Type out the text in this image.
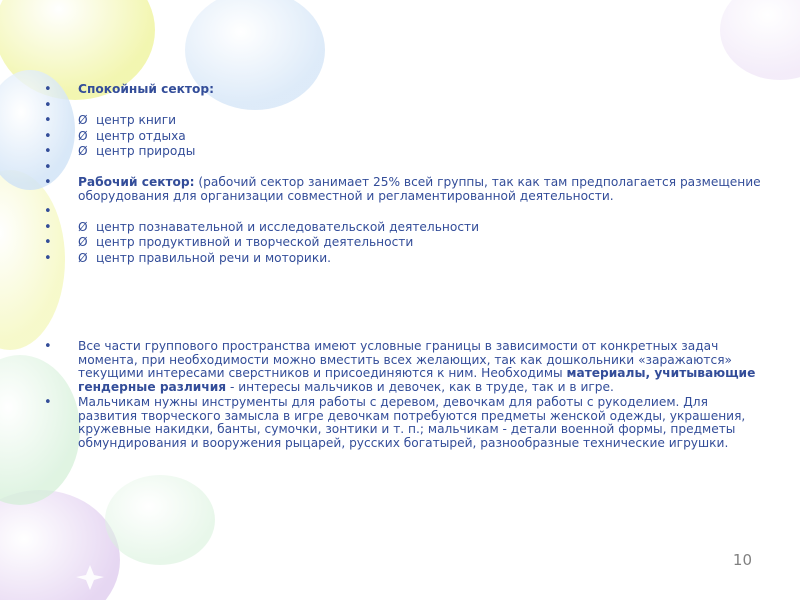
• Спокойный сектор:
•
• Ø центр книги
• Ø центр отдыха
• Ø центр природы
•
• Рабочий сектор: (рабочий сектор занимает 25% всей группы, так как там предполагается размещение оборудования для организации совместной и регламентированной деятельности.
•
• Ø центр познавательной и исследовательской деятельности
• Ø центр продуктивной и творческой деятельности
• Ø центр правильной речи и моторики.
• Все части группового пространства имеют условные границы в зависимости от конкретных задач момента, при необходимости можно вместить всех желающих, так как дошкольники «заражаются» текущими интересами сверстников и присоединяются к ним. Необходимы материалы, учитывающие гендерные различия - интересы мальчиков и девочек, как в труде, так и в игре.
• Мальчикам нужны инструменты для работы с деревом, девочкам для работы с рукоделием. Для развития творческого замысла в игре девочкам потребуются предметы женской одежды, украшения, кружевные накидки, банты, сумочки, зонтики и т. п.; мальчикам - детали военной формы, предметы обмундирования и вооружения рыцарей, русских богатырей, разнообразные технические игрушки.
10
